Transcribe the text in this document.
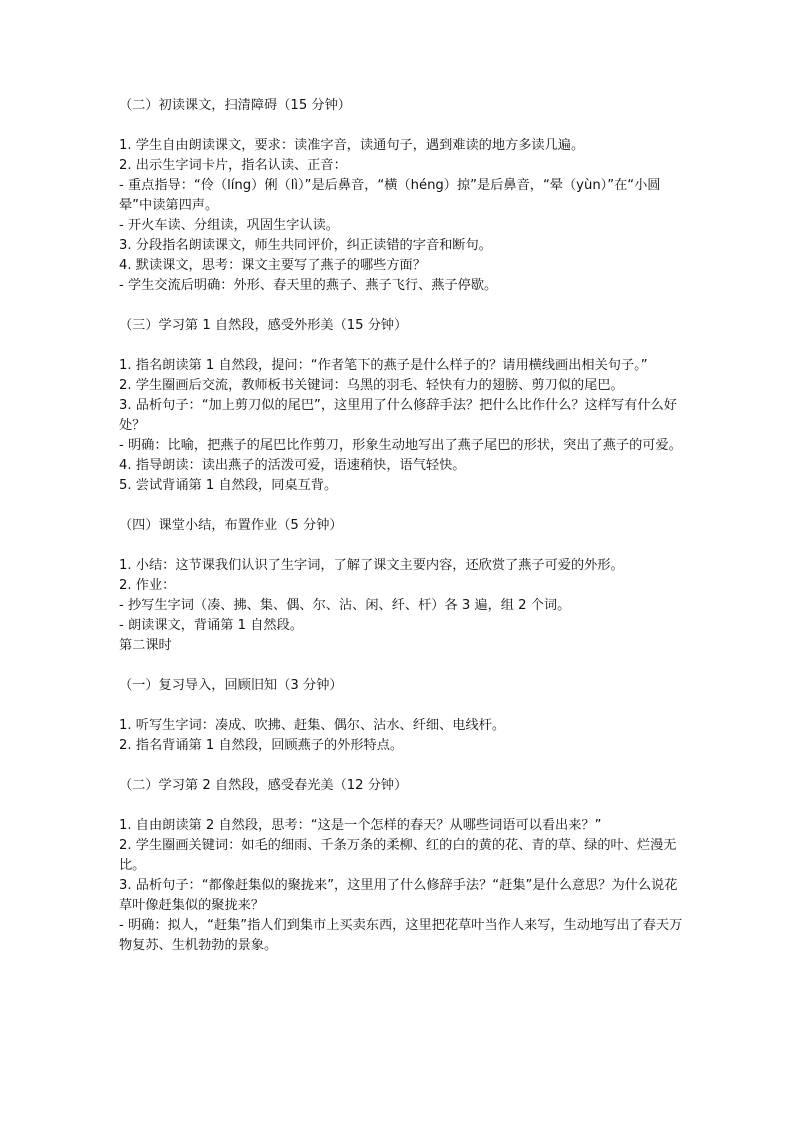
（二）初读课文，扫清障碍（15 分钟）
1. 学生自由朗读课文，要求：读准字音，读通句子，遇到难读的地方多读几遍。
2. 出示生字词卡片，指名认读、正音：
- 重点指导：“伶（líng）俐（lì）”是后鼻音，“横（héng）掠”是后鼻音，“晕（yùn）”在“小圆晕”中读第四声。
- 开火车读、分组读，巩固生字认读。
3. 分段指名朗读课文，师生共同评价，纠正读错的字音和断句。
4. 默读课文，思考：课文主要写了燕子的哪些方面？
- 学生交流后明确：外形、春天里的燕子、燕子飞行、燕子停歇。
（三）学习第 1 自然段，感受外形美（15 分钟）
1. 指名朗读第 1 自然段，提问：“作者笔下的燕子是什么样子的？请用横线画出相关句子。”
2. 学生圈画后交流，教师板书关键词：乌黑的羽毛、轻快有力的翅膀、剪刀似的尾巴。
3. 品析句子：“加上剪刀似的尾巴”，这里用了什么修辞手法？把什么比作什么？这样写有什么好处？
- 明确：比喻，把燕子的尾巴比作剪刀，形象生动地写出了燕子尾巴的形状，突出了燕子的可爱。
4. 指导朗读：读出燕子的活泼可爱，语速稍快，语气轻快。
5. 尝试背诵第 1 自然段，同桌互背。
（四）课堂小结，布置作业（5 分钟）
1. 小结：这节课我们认识了生字词，了解了课文主要内容，还欣赏了燕子可爱的外形。
2. 作业：
- 抄写生字词（凑、拂、集、偶、尔、沾、闲、纤、杆）各 3 遍，组 2 个词。
- 朗读课文，背诵第 1 自然段。
第二课时
（一）复习导入，回顾旧知（3 分钟）
1. 听写生字词：凑成、吹拂、赶集、偶尔、沾水、纤细、电线杆。
2. 指名背诵第 1 自然段，回顾燕子的外形特点。
（二）学习第 2 自然段，感受春光美（12 分钟）
1. 自由朗读第 2 自然段，思考：“这是一个怎样的春天？从哪些词语可以看出来？”
2. 学生圈画关键词：如毛的细雨、千条万条的柔柳、红的白的黄的花、青的草、绿的叶、烂漫无比。
3. 品析句子：“都像赶集似的聚拢来”，这里用了什么修辞手法？“赶集”是什么意思？为什么说花草叶像赶集似的聚拢来？
- 明确：拟人，“赶集”指人们到集市上买卖东西，这里把花草叶当作人来写，生动地写出了春天万物复苏、生机勃勃的景象。
